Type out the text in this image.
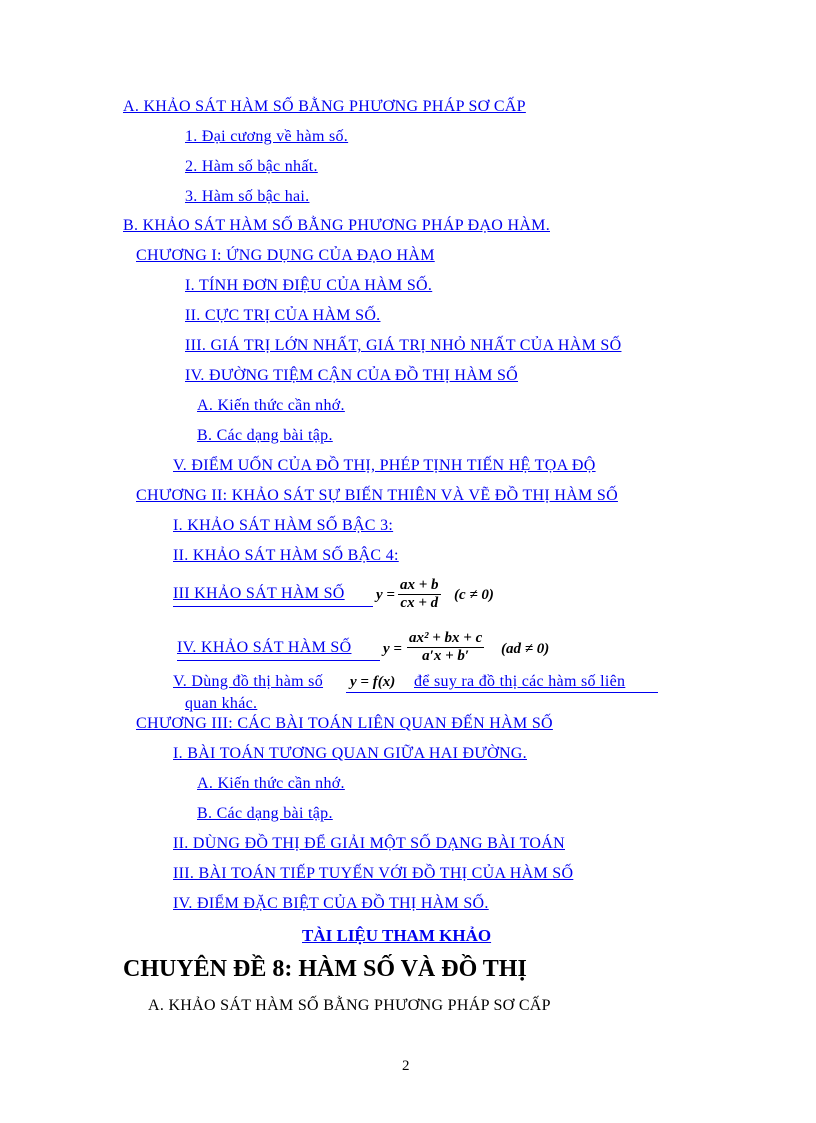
A. KHẢO SÁT HÀM SỐ BẰNG PHƯƠNG PHÁP SƠ CẤP
1. Đại cương về hàm số.
2. Hàm số bậc nhất.
3. Hàm số bậc hai.
B. KHẢO SÁT HÀM SỐ BẰNG PHƯƠNG PHÁP ĐẠO HÀM.
CHƯƠNG I: ỨNG DỤNG CỦA ĐẠO HÀM
I. TÍNH ĐƠN ĐIỆU CỦA HÀM SỐ.
II. CỰC TRỊ CỦA HÀM SỐ.
III. GIÁ TRỊ LỚN NHẤT, GIÁ TRỊ NHỎ NHẤT CỦA HÀM SỐ
IV. ĐƯỜNG TIỆM CẬN CỦA ĐỒ THỊ HÀM SỐ
A. Kiến thức cần nhớ.
B. Các dạng bài tập.
V. ĐIỂM UỐN CỦA ĐỒ THỊ, PHÉP TỊNH TIẾN HỆ TỌA ĐỘ
CHƯƠNG II: KHẢO SÁT SỰ BIẾN THIÊN VÀ VẼ ĐỒ THỊ HÀM SỐ
I. KHẢO SÁT HÀM SỐ BẬC 3:
II. KHẢO SÁT HÀM SỐ BẬC 4:
III KHẢO SÁT HÀM SỐ $y = \frac{ax + b}{cx + d} (c \ne 0)$
IV. KHẢO SÁT HÀM SỐ $y = \frac{\text{ax² + bx + c}}{a'x + b'} (ad \ne 0)$
V. Dùng đồ thị hàm số y = f(x) để suy ra đồ thị các hàm số liên
quan khác.
CHƯƠNG III: CÁC BÀI TOÁN LIÊN QUAN ĐẾN HÀM SỐ
I. BÀI TOÁN TƯƠNG QUAN GIỮA HAI ĐƯỜNG.
A. Kiến thức cần nhớ.
B. Các dạng bài tập.
II. DÙNG ĐỒ THỊ ĐỂ GIẢI MỘT SỐ DẠNG BÀI TOÁN
III. BÀI TOÁN TIẾP TUYẾN VỚI ĐỒ THỊ CỦA HÀM SỐ
IV. ĐIỂM ĐẶC BIỆT CỦA ĐỒ THỊ HÀM SỐ.
TÀI LIỆU THAM KHẢO
CHUYÊN ĐỀ 8: HÀM SỐ VÀ ĐỒ THỊ
A. KHẢO SÁT HÀM SỐ BẰNG PHƯƠNG PHÁP SƠ CẤP
2
